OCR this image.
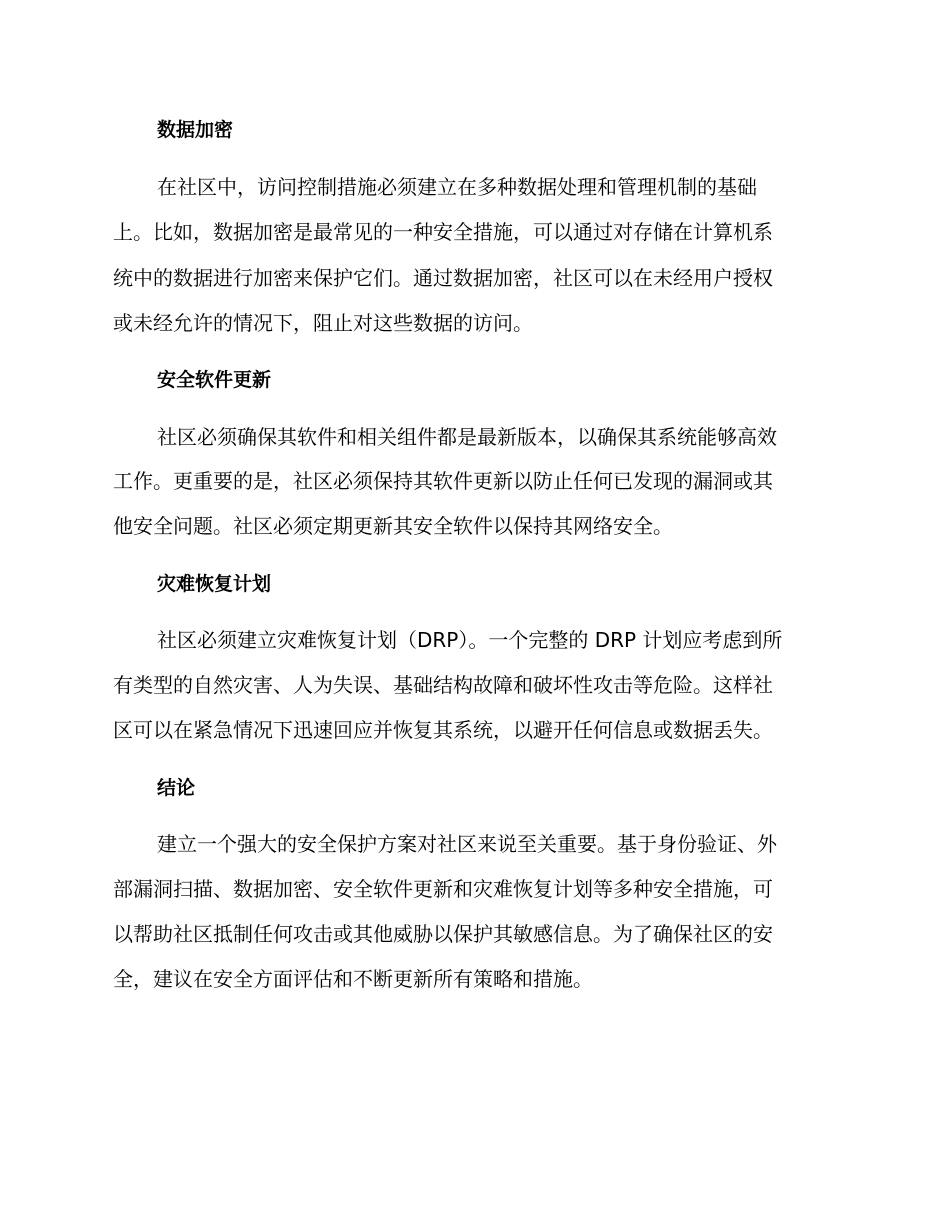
数据加密

在社区中，访问控制措施必须建立在多种数据处理和管理机制的基础

上。比如，数据加密是最常见的一种安全措施，可以通过对存储在计算机系

统中的数据进行加密来保护它们。通过数据加密，社区可以在未经用户授权

或未经允许的情况下，阻止对这些数据的访问。

安全软件更新

社区必须确保其软件和相关组件都是最新版本，以确保其系统能够高效

工作。更重要的是，社区必须保持其软件更新以防止任何已发现的漏洞或其

他安全问题。社区必须定期更新其安全软件以保持其网络安全。

灾难恢复计划

社区必须建立灾难恢复计划（DRP）。一个完整的 DRP 计划应考虑到所

有类型的自然灾害、人为失误、基础结构故障和破坏性攻击等危险。这样社

区可以在紧急情况下迅速回应并恢复其系统，以避开任何信息或数据丢失。

结论

建立一个强大的安全保护方案对社区来说至关重要。基于身份验证、外

部漏洞扫描、数据加密、安全软件更新和灾难恢复计划等多种安全措施，可

以帮助社区抵制任何攻击或其他威胁以保护其敏感信息。为了确保社区的安

全，建议在安全方面评估和不断更新所有策略和措施。
